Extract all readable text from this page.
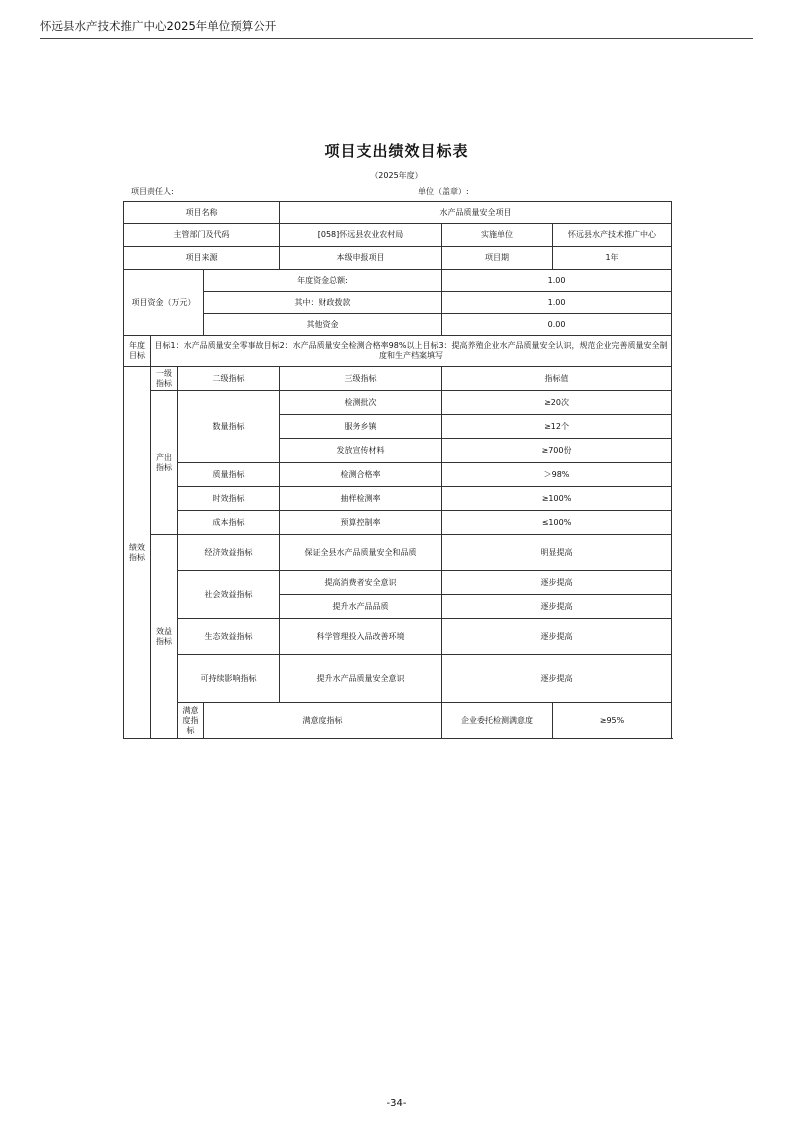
怀远县水产技术推广中心2025年单位预算公开
项目支出绩效目标表
（2025年度）
项目责任人:	单位（盖章）:
项目名称				水产品质量安全项目		
主管部门及代码				[058]怀远县农业农村局	实施单位	怀远县水产技术推广中心
项目来源				本级申报项目	项目期	1年
项目资金（万元）			年度资金总额:		1.00	
			其中：财政拨款		1.00	
			其他资金		0.00	
年度目标	目标1：水产品质量安全零事故目标2：水产品质量安全检测合格率98%以上目标3：提高养殖企业水产品质量安全认识，规范企业完善质量安全制度和生产档案填写					
绩效指标	一级指标	二级指标		三级指标	指标值	
	产出指标	数量指标		检测批次	≥20次	
				服务乡镇	≥12个	
				发放宣传材料	≥700份	
		质量指标		检测合格率	＞98%	
		时效指标		抽样检测率	≥100%	
		成本指标		预算控制率	≤100%	
	效益指标	经济效益指标		保证全县水产品质量安全和品质	明显提高	
		社会效益指标		提高消费者安全意识	逐步提高	
				提升水产品品质	逐步提高	
		生态效益指标		科学管理投入品改善环境	逐步提高	
		可持续影响指标		提升水产品质量安全意识	逐步提高	
		满意度指标	满意度指标		企业委托检测满意度	≥95%
-34-
